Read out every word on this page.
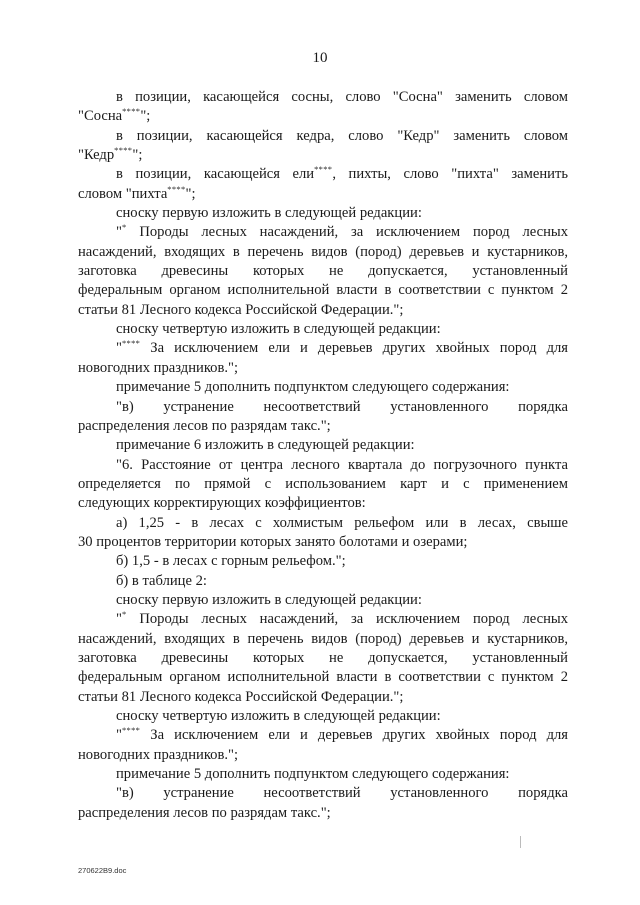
10
в позиции, касающейся сосны, слово "Сосна" заменить словом
"Сосна****";
в позиции, касающейся кедра, слово "Кедр" заменить словом
"Кедр****";
в позиции, касающейся ели****, пихты, слово "пихта" заменить
словом "пихта****";
сноску первую изложить в следующей редакции:
"* Породы лесных насаждений, за исключением пород лесных
насаждений, входящих в перечень видов (пород) деревьев и кустарников,
заготовка древесины которых не допускается, установленный
федеральным органом исполнительной власти в соответствии с пунктом 2
статьи 81 Лесного кодекса Российской Федерации.";
сноску четвертую изложить в следующей редакции:
"**** За исключением ели и деревьев других хвойных пород для
новогодних праздников.";
примечание 5 дополнить подпунктом следующего содержания:
"в) устранение несоответствий установленного порядка
распределения лесов по разрядам такс.";
примечание 6 изложить в следующей редакции:
"6. Расстояние от центра лесного квартала до погрузочного пункта
определяется по прямой с использованием карт и с применением
следующих корректирующих коэффициентов:
а) 1,25 - в лесах с холмистым рельефом или в лесах, свыше
30 процентов территории которых занято болотами и озерами;
б) 1,5 - в лесах с горным рельефом.";
б) в таблице 2:
сноску первую изложить в следующей редакции:
"* Породы лесных насаждений, за исключением пород лесных
насаждений, входящих в перечень видов (пород) деревьев и кустарников,
заготовка древесины которых не допускается, установленный
федеральным органом исполнительной власти в соответствии с пунктом 2
статьи 81 Лесного кодекса Российской Федерации.";
сноску четвертую изложить в следующей редакции:
"**** За исключением ели и деревьев других хвойных пород для
новогодних праздников.";
примечание 5 дополнить подпунктом следующего содержания:
"в) устранение несоответствий установленного порядка
распределения лесов по разрядам такс.";
270622В9.doc
